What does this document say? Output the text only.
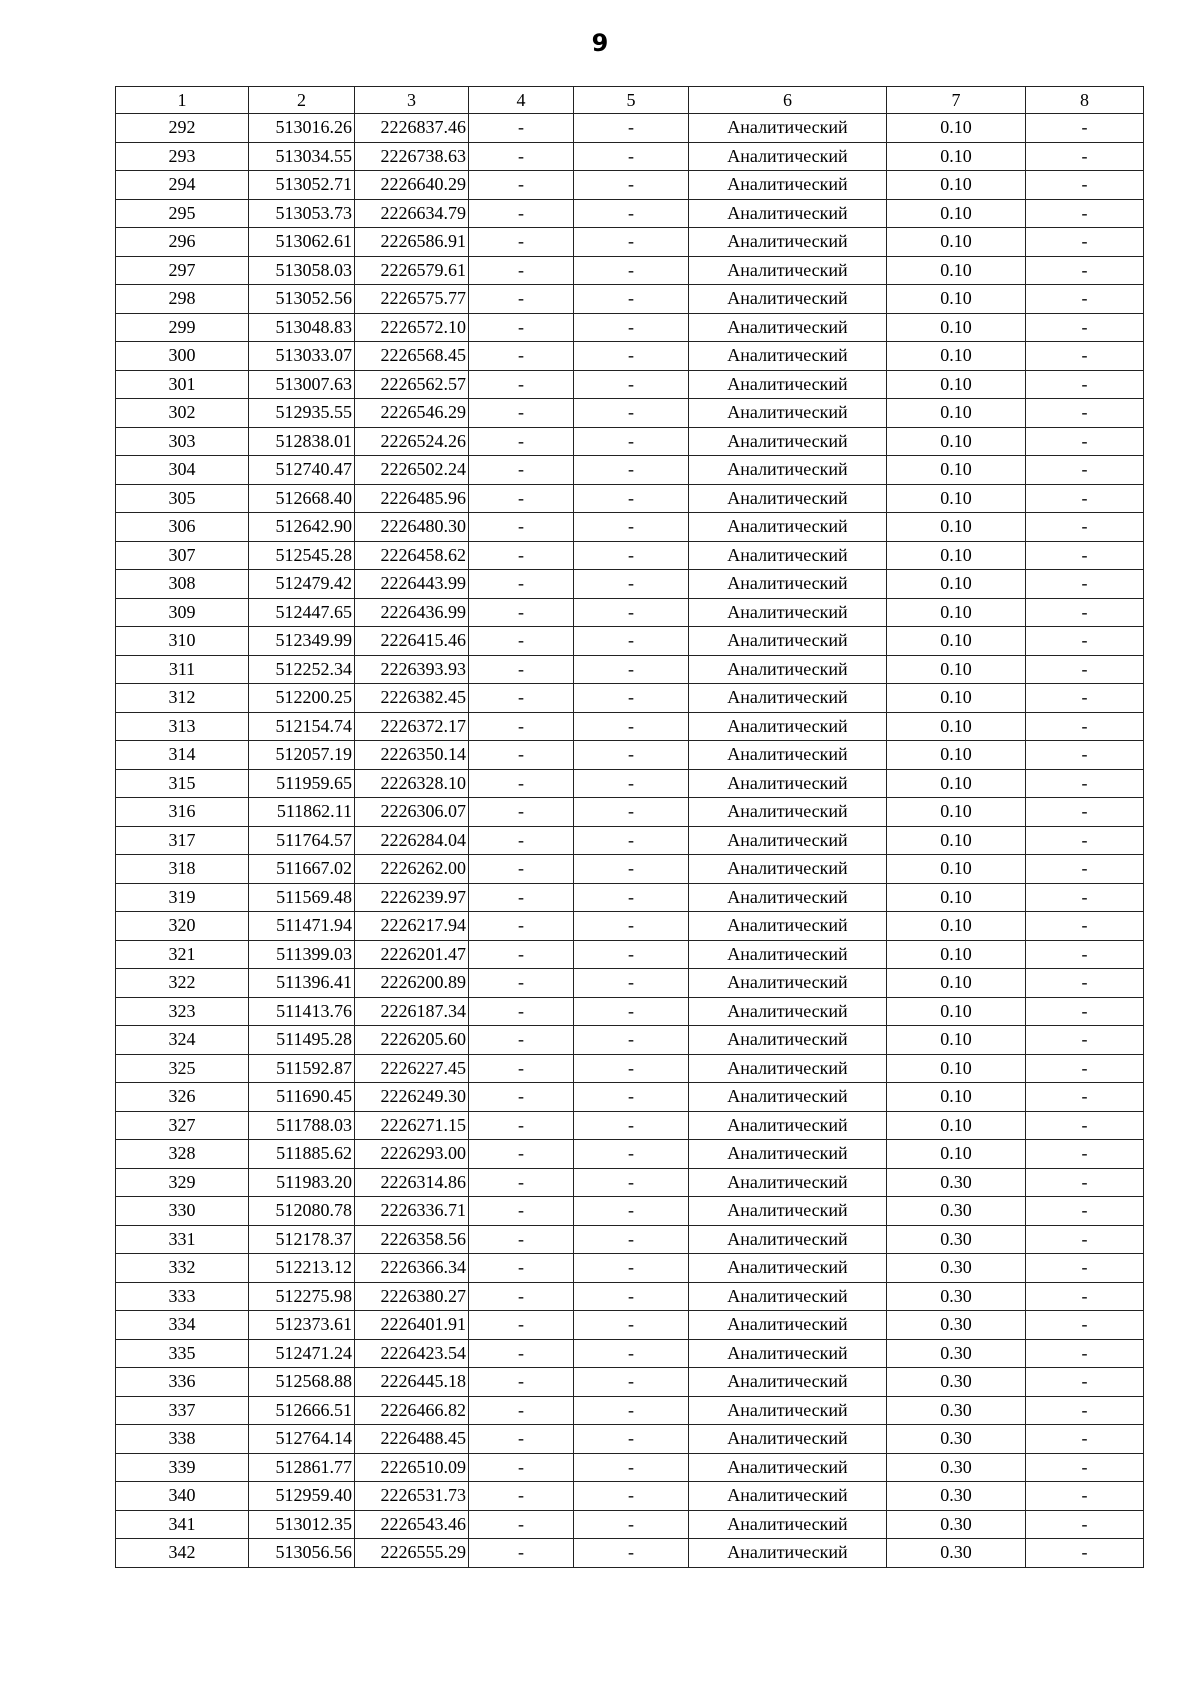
9
1	2	3	4	5	6	7	8
292	513016.26	2226837.46	-	-	Аналитический	0.10	-
293	513034.55	2226738.63	-	-	Аналитический	0.10	-
294	513052.71	2226640.29	-	-	Аналитический	0.10	-
295	513053.73	2226634.79	-	-	Аналитический	0.10	-
296	513062.61	2226586.91	-	-	Аналитический	0.10	-
297	513058.03	2226579.61	-	-	Аналитический	0.10	-
298	513052.56	2226575.77	-	-	Аналитический	0.10	-
299	513048.83	2226572.10	-	-	Аналитический	0.10	-
300	513033.07	2226568.45	-	-	Аналитический	0.10	-
301	513007.63	2226562.57	-	-	Аналитический	0.10	-
302	512935.55	2226546.29	-	-	Аналитический	0.10	-
303	512838.01	2226524.26	-	-	Аналитический	0.10	-
304	512740.47	2226502.24	-	-	Аналитический	0.10	-
305	512668.40	2226485.96	-	-	Аналитический	0.10	-
306	512642.90	2226480.30	-	-	Аналитический	0.10	-
307	512545.28	2226458.62	-	-	Аналитический	0.10	-
308	512479.42	2226443.99	-	-	Аналитический	0.10	-
309	512447.65	2226436.99	-	-	Аналитический	0.10	-
310	512349.99	2226415.46	-	-	Аналитический	0.10	-
311	512252.34	2226393.93	-	-	Аналитический	0.10	-
312	512200.25	2226382.45	-	-	Аналитический	0.10	-
313	512154.74	2226372.17	-	-	Аналитический	0.10	-
314	512057.19	2226350.14	-	-	Аналитический	0.10	-
315	511959.65	2226328.10	-	-	Аналитический	0.10	-
316	511862.11	2226306.07	-	-	Аналитический	0.10	-
317	511764.57	2226284.04	-	-	Аналитический	0.10	-
318	511667.02	2226262.00	-	-	Аналитический	0.10	-
319	511569.48	2226239.97	-	-	Аналитический	0.10	-
320	511471.94	2226217.94	-	-	Аналитический	0.10	-
321	511399.03	2226201.47	-	-	Аналитический	0.10	-
322	511396.41	2226200.89	-	-	Аналитический	0.10	-
323	511413.76	2226187.34	-	-	Аналитический	0.10	-
324	511495.28	2226205.60	-	-	Аналитический	0.10	-
325	511592.87	2226227.45	-	-	Аналитический	0.10	-
326	511690.45	2226249.30	-	-	Аналитический	0.10	-
327	511788.03	2226271.15	-	-	Аналитический	0.10	-
328	511885.62	2226293.00	-	-	Аналитический	0.10	-
329	511983.20	2226314.86	-	-	Аналитический	0.30	-
330	512080.78	2226336.71	-	-	Аналитический	0.30	-
331	512178.37	2226358.56	-	-	Аналитический	0.30	-
332	512213.12	2226366.34	-	-	Аналитический	0.30	-
333	512275.98	2226380.27	-	-	Аналитический	0.30	-
334	512373.61	2226401.91	-	-	Аналитический	0.30	-
335	512471.24	2226423.54	-	-	Аналитический	0.30	-
336	512568.88	2226445.18	-	-	Аналитический	0.30	-
337	512666.51	2226466.82	-	-	Аналитический	0.30	-
338	512764.14	2226488.45	-	-	Аналитический	0.30	-
339	512861.77	2226510.09	-	-	Аналитический	0.30	-
340	512959.40	2226531.73	-	-	Аналитический	0.30	-
341	513012.35	2226543.46	-	-	Аналитический	0.30	-
342	513056.56	2226555.29	-	-	Аналитический	0.30	-
